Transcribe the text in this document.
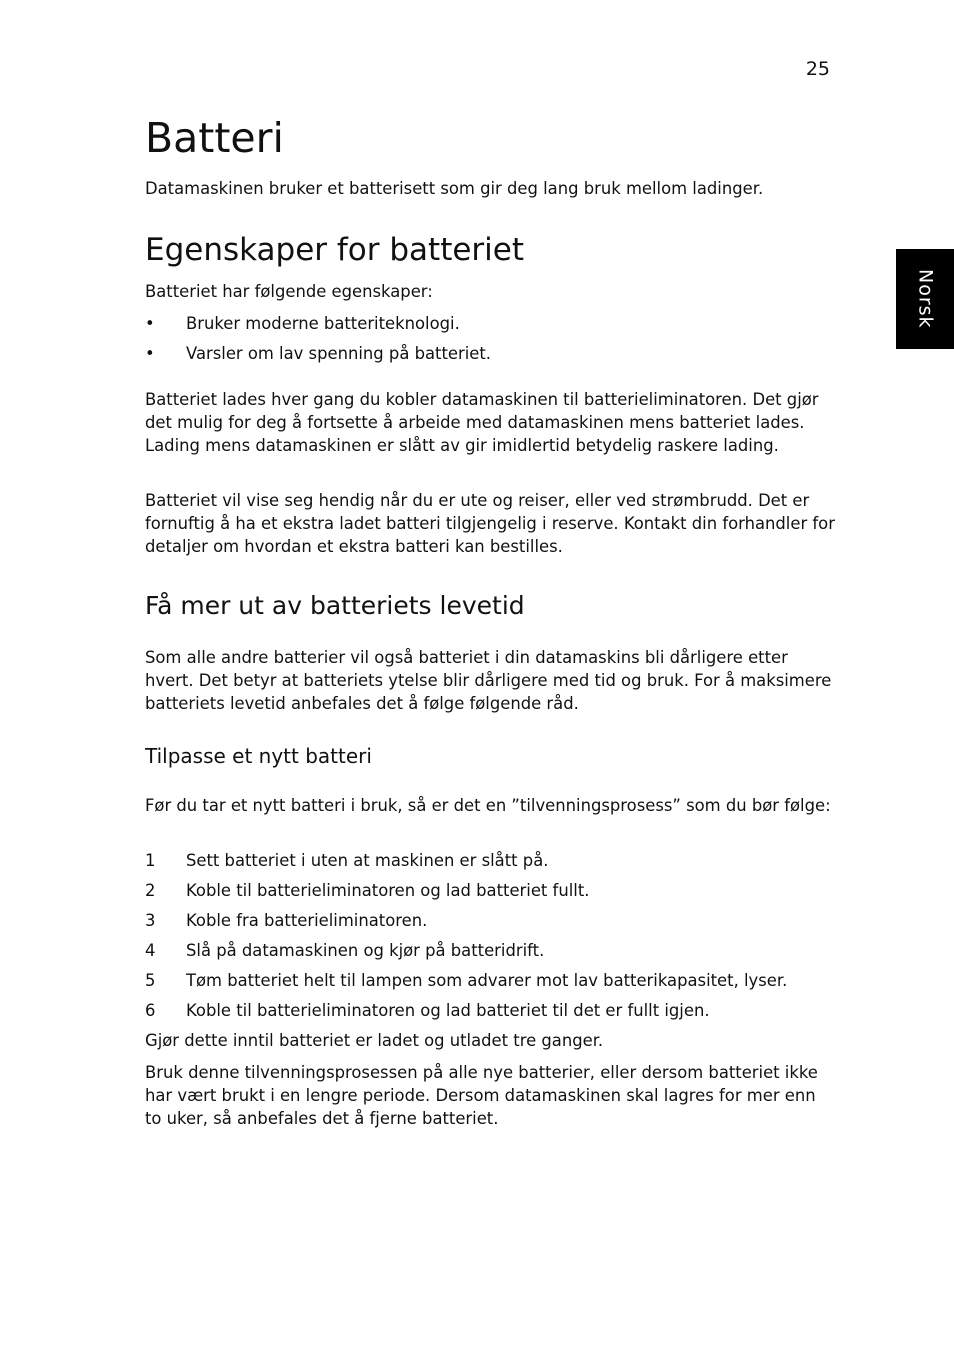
25
Norsk
Batteri

Datamaskinen bruker et batterisett som gir deg lang bruk mellom ladinger.

Egenskaper for batteriet

Batteriet har følgende egenskaper:

• Bruker moderne batteriteknologi.
• Varsler om lav spenning på batteriet.

Batteriet lades hver gang du kobler datamaskinen til batterieliminatoren. Det gjør det mulig for deg å fortsette å arbeide med datamaskinen mens batteriet lades. Lading mens datamaskinen er slått av gir imidlertid betydelig raskere lading.

Batteriet vil vise seg hendig når du er ute og reiser, eller ved strømbrudd. Det er fornuftig å ha et ekstra ladet batteri tilgjengelig i reserve. Kontakt din forhandler for detaljer om hvordan et ekstra batteri kan bestilles.

Få mer ut av batteriets levetid

Som alle andre batterier vil også batteriet i din datamaskins bli dårligere etter hvert. Det betyr at batteriets ytelse blir dårligere med tid og bruk. For å maksimere batteriets levetid anbefales det å følge følgende råd.

Tilpasse et nytt batteri

Før du tar et nytt batteri i bruk, så er det en ”tilvenningsprosess” som du bør følge:

1 Sett batteriet i uten at maskinen er slått på.
2 Koble til batterieliminatoren og lad batteriet fullt.
3 Koble fra batterieliminatoren.
4 Slå på datamaskinen og kjør på batteridrift.
5 Tøm batteriet helt til lampen som advarer mot lav batterikapasitet, lyser.
6 Koble til batterieliminatoren og lad batteriet til det er fullt igjen.

Gjør dette inntil batteriet er ladet og utladet tre ganger.

Bruk denne tilvenningsprosessen på alle nye batterier, eller dersom batteriet ikke har vært brukt i en lengre periode. Dersom datamaskinen skal lagres for mer enn to uker, så anbefales det å fjerne batteriet.
